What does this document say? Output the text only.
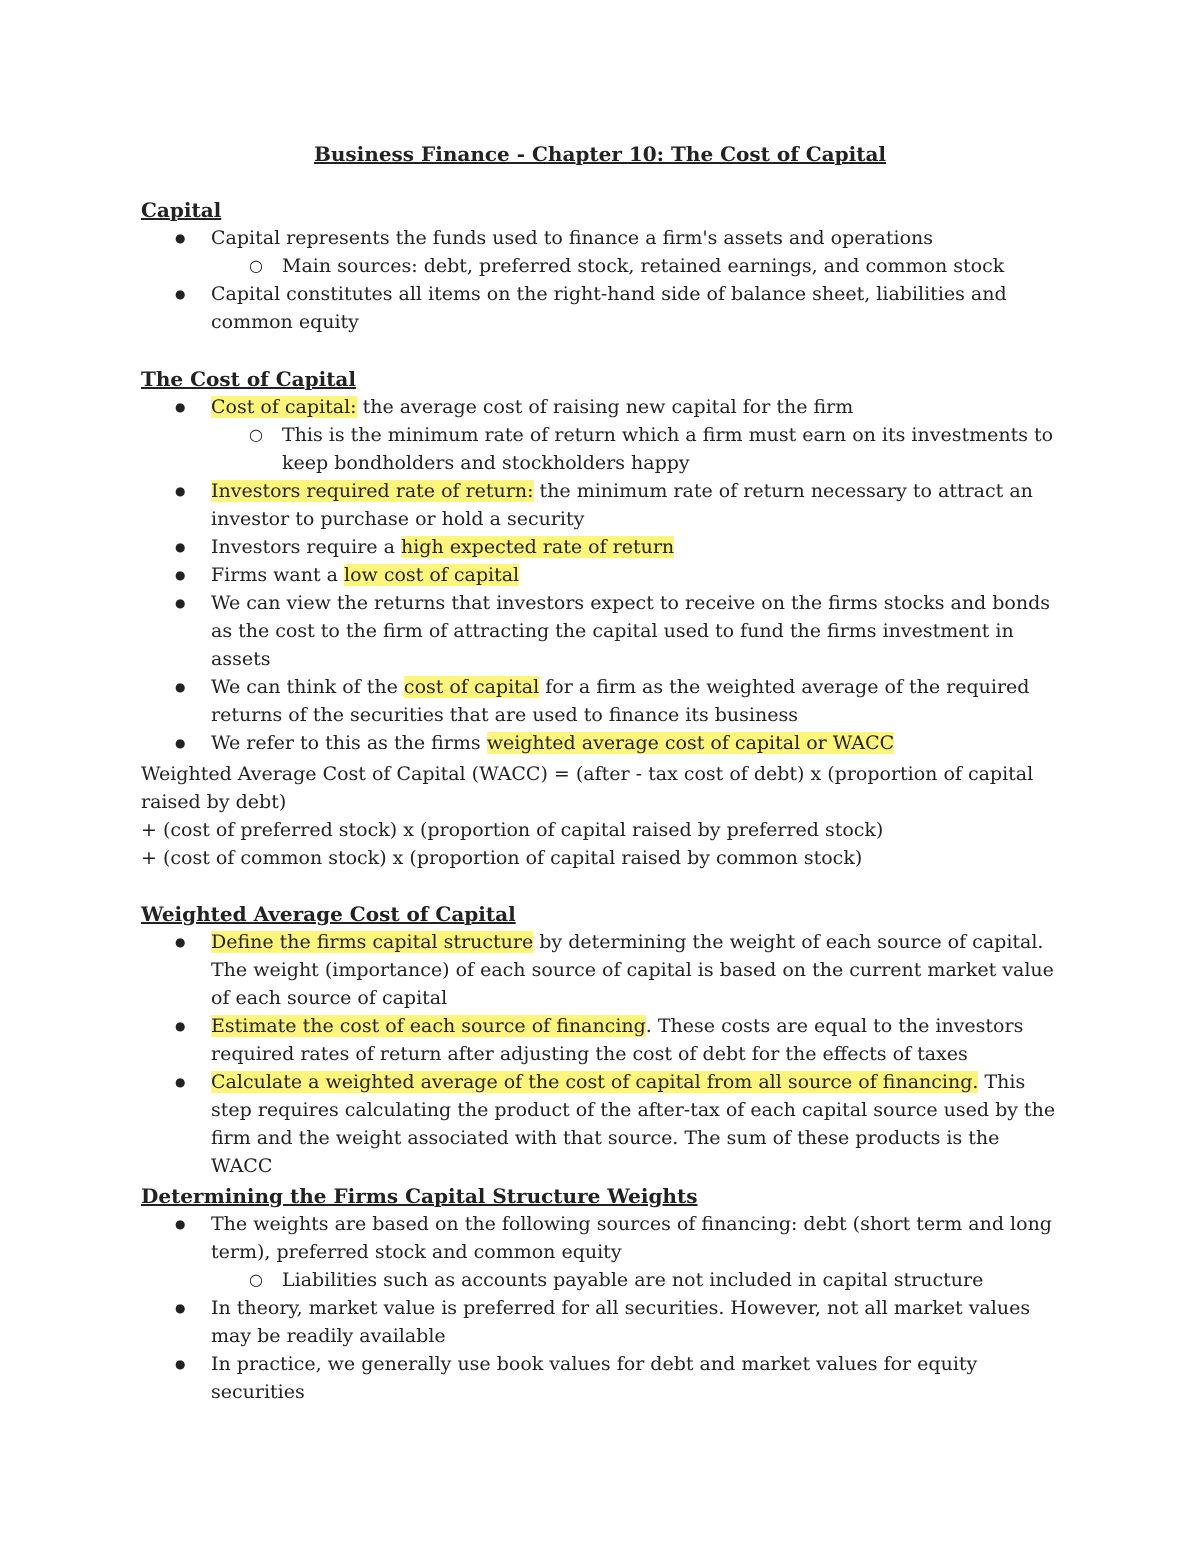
Business Finance - Chapter 10: The Cost of Capital
Capital
● Capital represents the funds used to finance a firm's assets and operations
○ Main sources: debt, preferred stock, retained earnings, and common stock
● Capital constitutes all items on the right-hand side of balance sheet, liabilities and common equity
The Cost of Capital
● Cost of capital: the average cost of raising new capital for the firm
○ This is the minimum rate of return which a firm must earn on its investments to keep bondholders and stockholders happy
● Investors required rate of return: the minimum rate of return necessary to attract an investor to purchase or hold a security
● Investors require a high expected rate of return
● Firms want a low cost of capital
● We can view the returns that investors expect to receive on the firms stocks and bonds as the cost to the firm of attracting the capital used to fund the firms investment in assets
● We can think of the cost of capital for a firm as the weighted average of the required returns of the securities that are used to finance its business
● We refer to this as the firms weighted average cost of capital or WACC

Weighted Average Cost of Capital (WACC) = (after - tax cost of debt) x (proportion of capital raised by debt)

+ (cost of preferred stock) x (proportion of capital raised by preferred stock)

+ (cost of common stock) x (proportion of capital raised by common stock)

Weighted Average Cost of Capital
● Define the firms capital structure by determining the weight of each source of capital. The weight (importance) of each source of capital is based on the current market value of each source of capital
● Estimate the cost of each source of financing. These costs are equal to the investors required rates of return after adjusting the cost of debt for the effects of taxes
● Calculate a weighted average of the cost of capital from all source of financing. This step requires calculating the product of the after-tax of each capital source used by the firm and the weight associated with that source. The sum of these products is the WACC
Determining the Firms Capital Structure Weights
● The weights are based on the following sources of financing: debt (short term and long term), preferred stock and common equity
○ Liabilities such as accounts payable are not included in capital structure
● In theory, market value is preferred for all securities. However, not all market values may be readily available
● In practice, we generally use book values for debt and market values for equity securities
